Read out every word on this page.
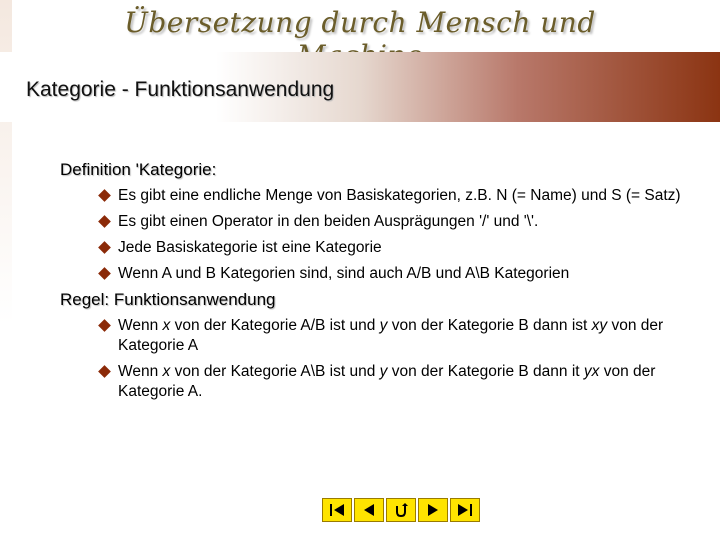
Übersetzung durch Mensch und
Kategorie - Funktionsanwendung

Definition 'Kategorie:

Es gibt eine endliche Menge von Basiskategorien, z.B. N (= Name) und S (= Satz)
Es gibt einen Operator in den beiden Ausprägungen '/' und '\'.
Jede Basiskategorie ist eine Kategorie
Wenn A und B Kategorien sind, sind auch A/B und A\B Kategorien

Regel: Funktionsanwendung

Wenn x von der Kategorie A/B ist und y von der Kategorie B dann ist xy von der Kategorie A
Wenn x von der Kategorie A\B ist und y von der Kategorie B dann it yx von der Kategorie A.
